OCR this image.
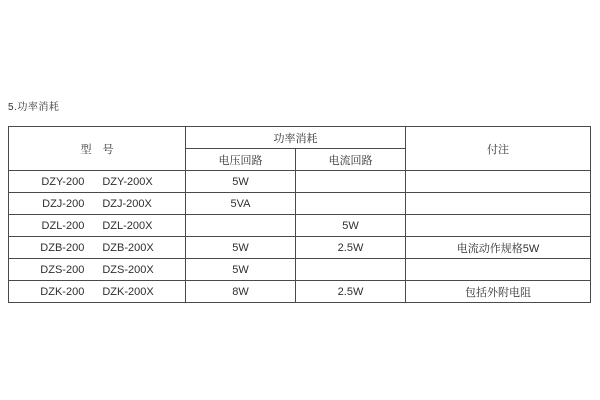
5.功率消耗
型　号	功率消耗		付注
	电压回路	电流回路	
DZY-200 DZY-200X	5W		
DZJ-200 DZJ-200X	5VA		
DZL-200 DZL-200X		5W	
DZB-200 DZB-200X	5W	2.5W	电流动作规格5W
DZS-200 DZS-200X	5W		
DZK-200 DZK-200X	8W	2.5W	包括外附电阻
